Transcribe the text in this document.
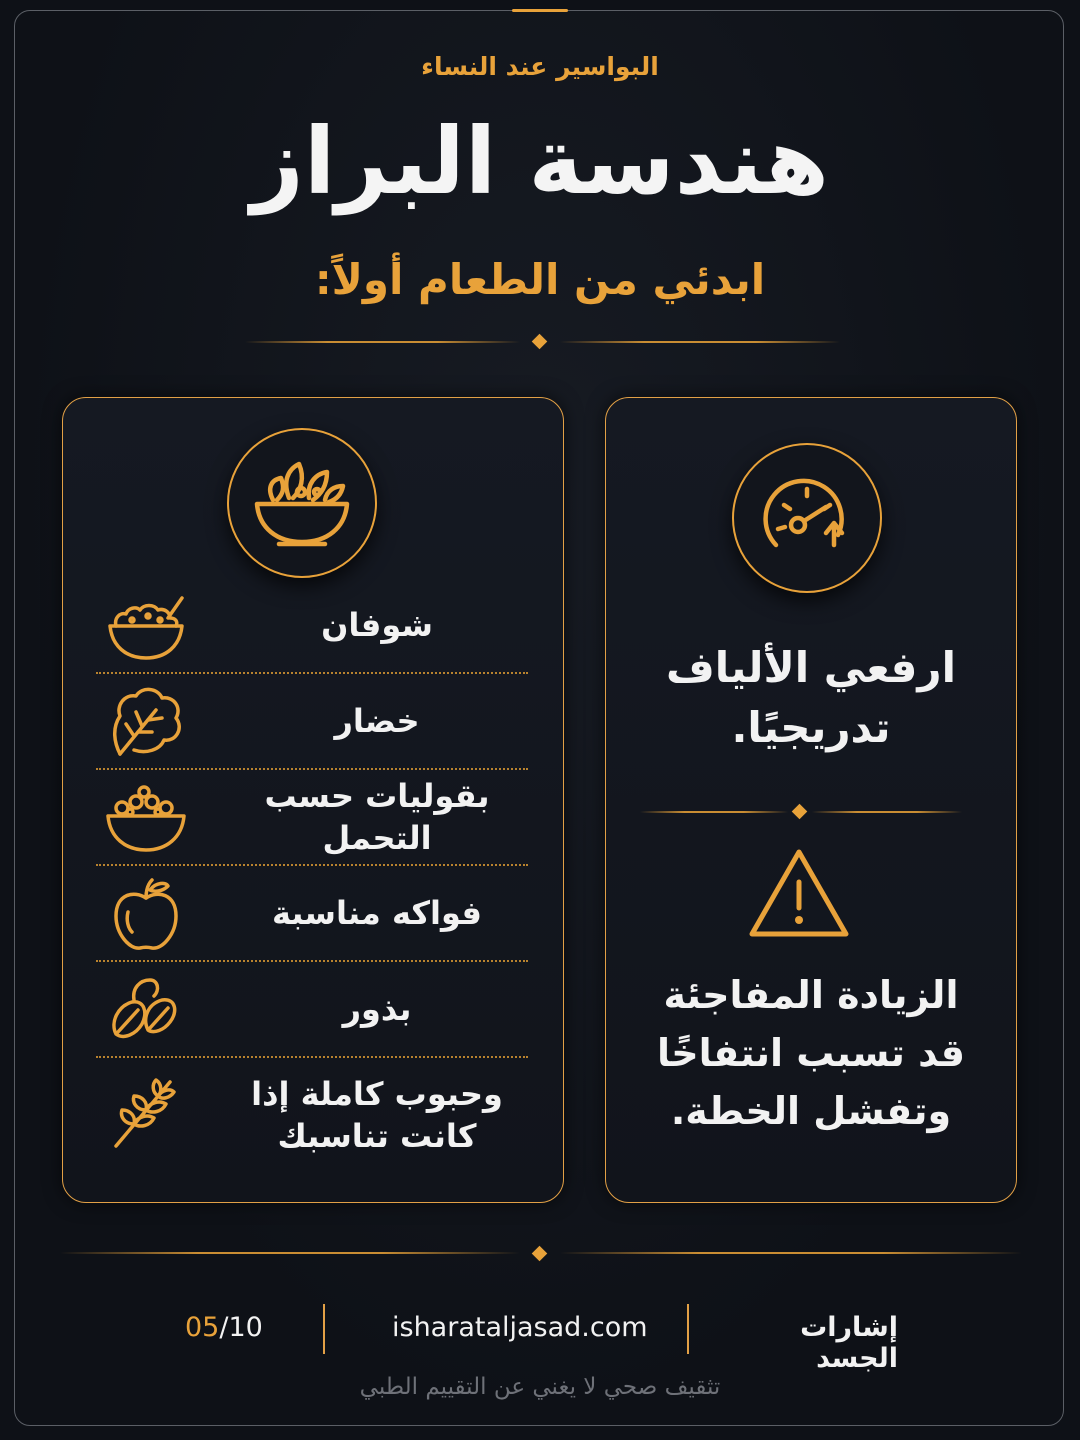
البواسير عند النساء
هندسة البراز
ابدئي من الطعام أولاً:
شوفان
خضار
بقوليات حسب التحمل
فواكه مناسبة
بذور
وحبوب كاملة إذا كانت تناسبك
ارفعي الألياف
تدريجيًا.
الزيادة المفاجئة
قد تسبب انتفاخًا
وتفشل الخطة.
05/10	isharataljasad.com	إشارات الجسد
تثقيف صحي لا يغني عن التقييم الطبي
